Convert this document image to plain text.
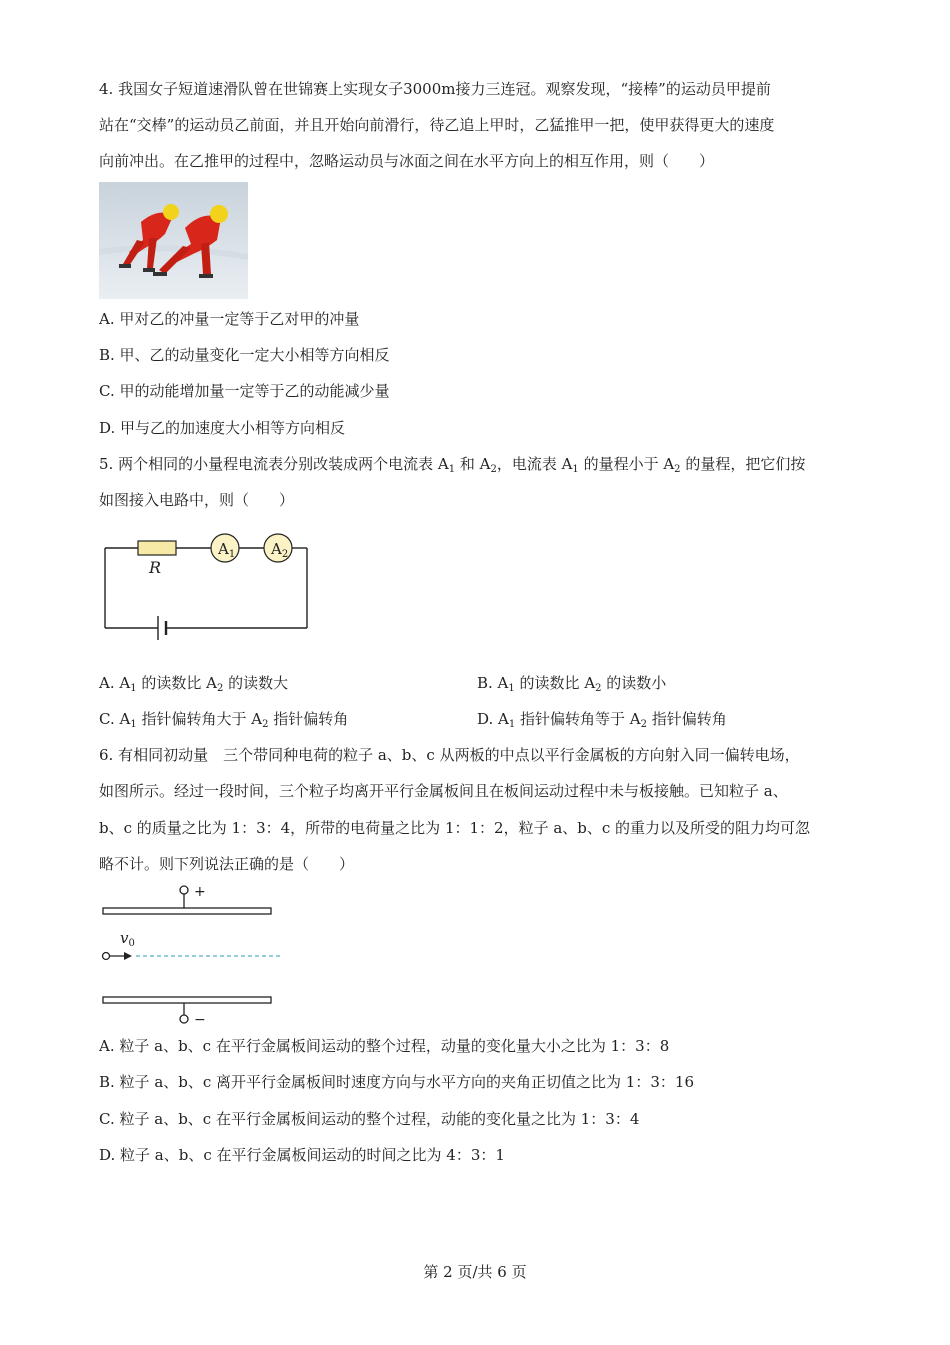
4. 我国女子短道速滑队曾在世锦赛上实现女子3000m接力三连冠。观察发现，“接棒”的运动员甲提前
站在“交棒”的运动员乙前面，并且开始向前滑行，待乙追上甲时，乙猛推甲一把，使甲获得更大的速度
向前冲出。在乙推甲的过程中，忽略运动员与冰面之间在水平方向上的相互作用，则（　　）
A. 甲对乙的冲量一定等于乙对甲的冲量
B. 甲、乙的动量变化一定大小相等方向相反
C. 甲的动能增加量一定等于乙的动能减少量
D. 甲与乙的加速度大小相等方向相反
5. 两个相同的小量程电流表分别改装成两个电流表 $A_1$ 和 $A_2$，电流表 $A_1$ 的量程小于 $A_2$ 的量程，把它们按
如图接入电路中，则（　　）
$A_1$ $A_2$
R
A. $A_1$ 的读数比 $A_2$ 的读数大	B. $A_1$ 的读数比 $A_2$ 的读数小
C. $A_1$ 指针偏转角大于 $A_2$ 指针偏转角	D. $A_1$ 指针偏转角等于 $A_2$ 指针偏转角
6. 有相同初动量　三个带同种电荷的粒子 a、b、c 从两板的中点以平行金属板的方向射入同一偏转电场，
如图所示。经过一段时间，三个粒子均离开平行金属板间且在板间运动过程中未与板接触。已知粒子 a、
b、c 的质量之比为 1：3：4，所带的电荷量之比为 1：1：2，粒子 a、b、c 的重力以及所受的阻力均可忽
略不计。则下列说法正确的是（　　）
+
−
$v_0$
A. 粒子 a、b、c 在平行金属板间运动的整个过程，动量的变化量大小之比为 1：3：8
B. 粒子 a、b、c 离开平行金属板间时速度方向与水平方向的夹角正切值之比为 1：3：16
C. 粒子 a、b、c 在平行金属板间运动的整个过程，动能的变化量之比为 1：3：4
D. 粒子 a、b、c 在平行金属板间运动的时间之比为 4：3：1
第 2 页/共 6 页
